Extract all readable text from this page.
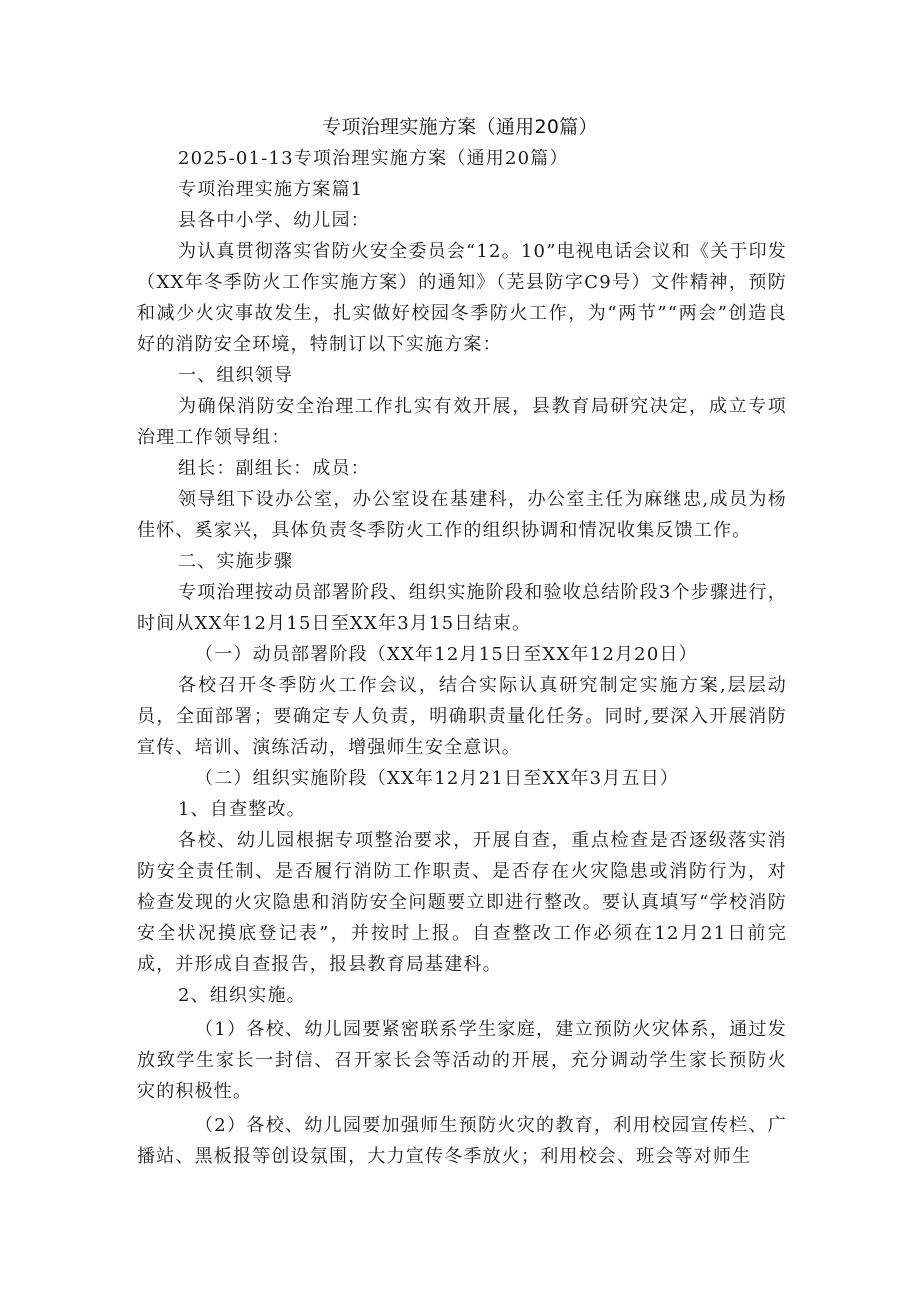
专项治理实施方案（通用20篇）

2025-01-13专项治理实施方案（通用20篇）

专项治理实施方案篇1

县各中小学、幼儿园：

为认真贯彻落实省防火安全委员会“12。10”电视电话会议和《关于印发（XX年冬季防火工作实施方案）的通知》（芜县防字C9号）文件精神，预防和减少火灾事故发生，扎实做好校园冬季防火工作，为“两节”“两会”创造良好的消防安全环境，特制订以下实施方案：

一、组织领导

为确保消防安全治理工作扎实有效开展，县教育局研究决定，成立专项治理工作领导组：

组长：副组长：成员：

领导组下设办公室，办公室设在基建科，办公室主任为麻继忠,成员为杨佳怀、奚家兴，具体负责冬季防火工作的组织协调和情况收集反馈工作。

二、实施步骤

专项治理按动员部署阶段、组织实施阶段和验收总结阶段3个步骤进行，时间从XX年12月15日至XX年3月15日结束。

（一）动员部署阶段（XX年12月15日至XX年12月20日）

各校召开冬季防火工作会议，结合实际认真研究制定实施方案,层层动员，全面部署；要确定专人负责，明确职责量化任务。同时,要深入开展消防宣传、培训、演练活动，增强师生安全意识。

（二）组织实施阶段（XX年12月21日至XX年3月五日）

1、自查整改。

各校、幼儿园根据专项整治要求，开展自查，重点检查是否逐级落实消防安全责任制、是否履行消防工作职责、是否存在火灾隐患或消防行为，对检查发现的火灾隐患和消防安全问题要立即进行整改。要认真填写“学校消防安全状况摸底登记表”，并按时上报。自查整改工作必须在12月21日前完成，并形成自查报告，报县教育局基建科。

2、组织实施。

（1）各校、幼儿园要紧密联系学生家庭，建立预防火灾体系，通过发放致学生家长一封信、召开家长会等活动的开展，充分调动学生家长预防火灾的积极性。

（2）各校、幼儿园要加强师生预防火灾的教育，利用校园宣传栏、广播站、黑板报等创设氛围，大力宣传冬季放火；利用校会、班会等对师生
